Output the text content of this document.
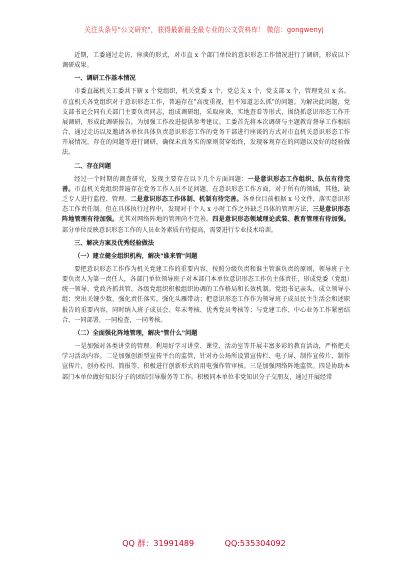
关注头条号"公文研究"，获得最新最全最专业的公文资料库！ 微信：gongwenyj

近期，工委通过走访、座谈的形式，对市直 x 个部门单位的意识形态工作情况进行了调研，形成以下调研成果。

一、调研工作基本情况

市委直属机关工委共下辖 x 个党组织，机关党委 x 个，党总支 x 个，党支部 x 个，管理党员 x 名。市直机关各党组织对于意识形态工作，普遍存在"高度重视，但不知道怎么抓"的问题。为解决此问题，党支部书记会同有关部门主要负责同志，组成调研组，采取座谈、实地查看等形式，围绕抓意识形态工作开展调研，形成此调研报告，为加强工作改进提供参考建议。工委首先将本次调研与主题教育督导工作相结合，通过走访以及邀请各单位具体负责意识形态工作的党务干部进行座谈的方式对市直机关意识形态工作开展情况，存在的问题等进行调研，确保未真务实的原则贯穿始终，发现客观存在的问题以及好的经验做法。

二、存在问题

经过一个时期的调查研究，发现主要存在以下几个方面问题：一是意识形态工作组织、队伍有待完善。市直机关党组织普遍存在党务工作人员不足问题，在意识形态工作方面，对于所有的领域，其他，缺乏专人进行监控、管理。二是意识形态工作体制、机制有待完善。各单位目前根据 x 号文件，落实意识形态工作责任制。但在具体执行过程中，发现对于个人 x 小时工作之外缺乏具体的管理方法，三是意识形态阵地管理有待加强。尤其对网络阵地的管理尚不完善。四是意识形态领域理论武装、教育管理有待加强。部分单位反映意识形态工作的人员业务素质有待提高，需要进行专业技术培训。

三、解决方案及优秀经验做法

（一）建立健全组织机构，解决"谁来管"问题

要把意识形态工作作为机关党建工作的重要内容，按照分级负责和谁主管谁负责的原则，领导班子主要负责人为第一责任人，各部门单位领导班子对本部门本单位意识形态工作负主体责任，形成党委（党组）统一领导、党政齐抓共管、各级党组织积极组织协调的工作格局和长效机制。党组书记亲头、成立领导小组；突出关键少数，强化责任落实，强化头雁带动；把意识形态工作作为领导班子成员民主生活会和述职报告的重要内容，同时纳入班子成员会、年末考核、优秀党员考核等；与党建工作、中心业务工作紧密结合，一同部署，一同检查，一同考核。

（二）全面强化阵地管理，解决"管什么"问题

一是加强对各类讲堂的管理。利用好学习讲堂、课堂、活动室等开展丰富多彩的教育活动，严格把关学习活动内容。二是加强创新型宣传平台的监管，针对办公场所设置宣传栏、电子屏、制作宣传片、制作宣传片，创办校刊、简报等，积极进行创新形式的用电强作管审核。三是加强网络阵地监管。四是协助本部门本单位做好知识分子的团结引导服务等工作。积极同本单位非党知识分子交朋友，通过开展经常

QQ 群：31991489	QQ:535304092
